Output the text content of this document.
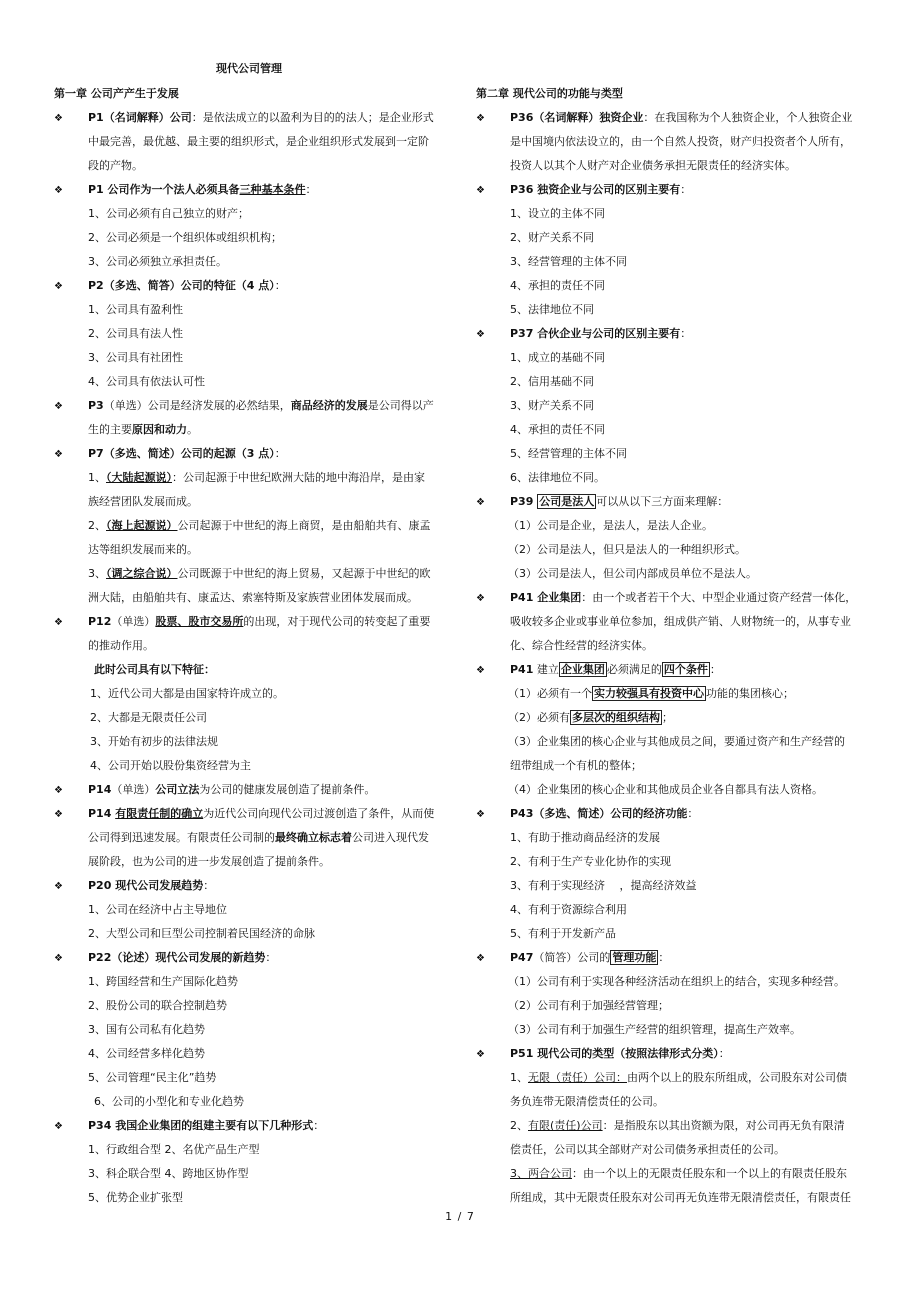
现代公司管理

第一章 公司产产生于发展

❖ P1（名词解释）公司：是依法成立的以盈利为目的的法人；是企业形式

中最完善，最优越、最主要的组织形式，是企业组织形式发展到一定阶

段的产物。

❖ P1 公司作为一个法人必须具备三种基本条件：

1、公司必须有自己独立的财产；

2、公司必须是一个组织体或组织机构；

3、公司必须独立承担责任。

❖ P2（多选、简答）公司的特征（4 点）：

1、公司具有盈利性

2、公司具有法人性

3、公司具有社团性

4、公司具有依法认可性

❖ P3（单选）公司是经济发展的必然结果，商品经济的发展是公司得以产

生的主要原因和动力。

❖ P7（多选、简述）公司的起源（3 点）：

1、（大陆起源说）：公司起源于中世纪欧洲大陆的地中海沿岸，是由家

族经营团队发展而成。

2、（海上起源说）公司起源于中世纪的海上商贸，是由船舶共有、康孟

达等组织发展而来的。

3、（调之综合说）公司既源于中世纪的海上贸易，又起源于中世纪的欧

洲大陆，由船舶共有、康孟达、索塞特斯及家族营业团体发展而成。

❖ P12（单选）股票、股市交易所的出现，对于现代公司的转变起了重要

的推动作用。

此时公司具有以下特征：

1、近代公司大都是由国家特许成立的。

2、大都是无限责任公司

3、开始有初步的法律法规

4、公司开始以股份集资经营为主

❖ P14（单选）公司立法为公司的健康发展创造了提前条件。

❖ P14 有限责任制的确立为近代公司向现代公司过渡创造了条件，从而使

公司得到迅速发展。有限责任公司制的最终确立标志着公司进入现代发

展阶段，也为公司的进一步发展创造了提前条件。

❖ P20 现代公司发展趋势：

1、公司在经济中占主导地位

2、大型公司和巨型公司控制着民国经济的命脉

❖ P22（论述）现代公司发展的新趋势：

1、跨国经营和生产国际化趋势

2、股份公司的联合控制趋势

3、国有公司私有化趋势

4、公司经营多样化趋势

5、公司管理“民主化”趋势

6、公司的小型化和专业化趋势

❖ P34 我国企业集团的组建主要有以下几种形式：

1、行政组合型 2、名优产品生产型

3、科企联合型 4、跨地区协作型

5、优势企业扩张型

第二章 现代公司的功能与类型

❖ P36（名词解释）独资企业：在我国称为个人独资企业，个人独资企业

是中国境内依法设立的，由一个自然人投资，财产归投资者个人所有，

投资人以其个人财产对企业债务承担无限责任的经济实体。

❖ P36 独资企业与公司的区别主要有：

1、设立的主体不同

2、财产关系不同

3、经营管理的主体不同

4、承担的责任不同

5、法律地位不同

❖ P37 合伙企业与公司的区别主要有：

1、成立的基础不同

2、信用基础不同

3、财产关系不同

4、承担的责任不同

5、经营管理的主体不同

6、法律地位不同。

❖ P39 公司是法人 可以从以下三方面来理解：

（1）公司是企业，是法人，是法人企业。

（2）公司是法人，但只是法人的一种组织形式。

（3）公司是法人，但公司内部成员单位不是法人。

❖ P41 企业集团：由一个或者若干个大、中型企业通过资产经营一体化，

吸收较多企业或事业单位参加，组成供产销、人财物统一的，从事专业

化、综合性经营的经济实体。

❖ P41 建立 企业集团 必须满足的 四个条件 ：

（1）必须有一个 实力较强具有投资中心 功能的集团核心；

（2）必须有 多层次的组织结构 ；

（3）企业集团的核心企业与其他成员之间，要通过资产和生产经营的

纽带组成一个有机的整体；

（4）企业集团的核心企业和其他成员企业各自都具有法人资格。

❖ P43（多选、简述）公司的经济功能：

1、有助于推动商品经济的发展

2、有利于生产专业化协作的实现

3、有利于实现经济　 ，提高经济效益

4、有利于资源综合利用

5、有利于开发新产品

❖ P47（简答）公司的 管理功能 ：

（1）公司有利于实现各种经济活动在组织上的结合，实现多种经营。

（2）公司有利于加强经营管理；

（3）公司有利于加强生产经营的组织管理，提高生产效率。

❖ P51 现代公司的类型（按照法律形式分类）：

1、无限（责任）公司：由两个以上的股东所组成，公司股东对公司债

务负连带无限清偿责任的公司。

2、有限(责任)公司：是指股东以其出资额为限，对公司再无负有限清

偿责任，公司以其全部财产对公司债务承担责任的公司。

3、两合公司：由一个以上的无限责任股东和一个以上的有限责任股东

所组成，其中无限责任股东对公司再无负连带无限清偿责任，有限责任

1 / 7
